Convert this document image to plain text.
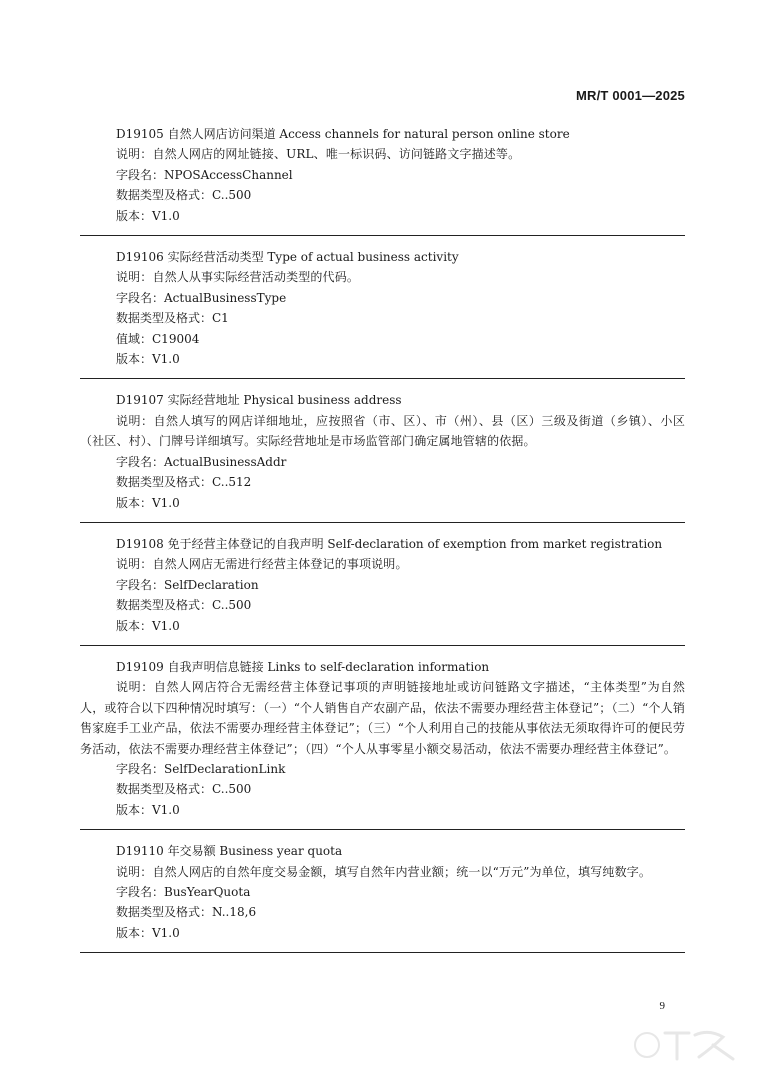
MR/T 0001—2025
D19105 自然人网店访问渠道 Access channels for natural person online store
说明：自然人网店的网址链接、URL、唯一标识码、访问链路文字描述等。
字段名：NPOSAccessChannel
数据类型及格式：C..500
版本：V1.0
D19106 实际经营活动类型 Type of actual business activity
说明：自然人从事实际经营活动类型的代码。
字段名：ActualBusinessType
数据类型及格式：C1
值域：C19004
版本：V1.0
D19107 实际经营地址 Physical business address
说明：自然人填写的网店详细地址，应按照省（市、区）、市（州）、县（区）三级及街道（乡镇）、小区（社区、村）、门牌号详细填写。实际经营地址是市场监管部门确定属地管辖的依据。
字段名：ActualBusinessAddr
数据类型及格式：C..512
版本：V1.0
D19108 免于经营主体登记的自我声明 Self-declaration of exemption from market registration
说明：自然人网店无需进行经营主体登记的事项说明。
字段名：SelfDeclaration
数据类型及格式：C..500
版本：V1.0
D19109 自我声明信息链接 Links to self-declaration information
说明：自然人网店符合无需经营主体登记事项的声明链接地址或访问链路文字描述，“主体类型”为自然人，或符合以下四种情况时填写：（一）“个人销售自产农副产品，依法不需要办理经营主体登记”；（二）“个人销售家庭手工业产品，依法不需要办理经营主体登记”；（三）“个人利用自己的技能从事依法无须取得许可的便民劳务活动，依法不需要办理经营主体登记”；（四）“个人从事零星小额交易活动，依法不需要办理经营主体登记”。
字段名：SelfDeclarationLink
数据类型及格式：C..500
版本：V1.0
D19110 年交易额 Business year quota
说明：自然人网店的自然年度交易金额，填写自然年内营业额；统一以“万元”为单位，填写纯数字。
字段名：BusYearQuota
数据类型及格式：N..18,6
版本：V1.0
9
